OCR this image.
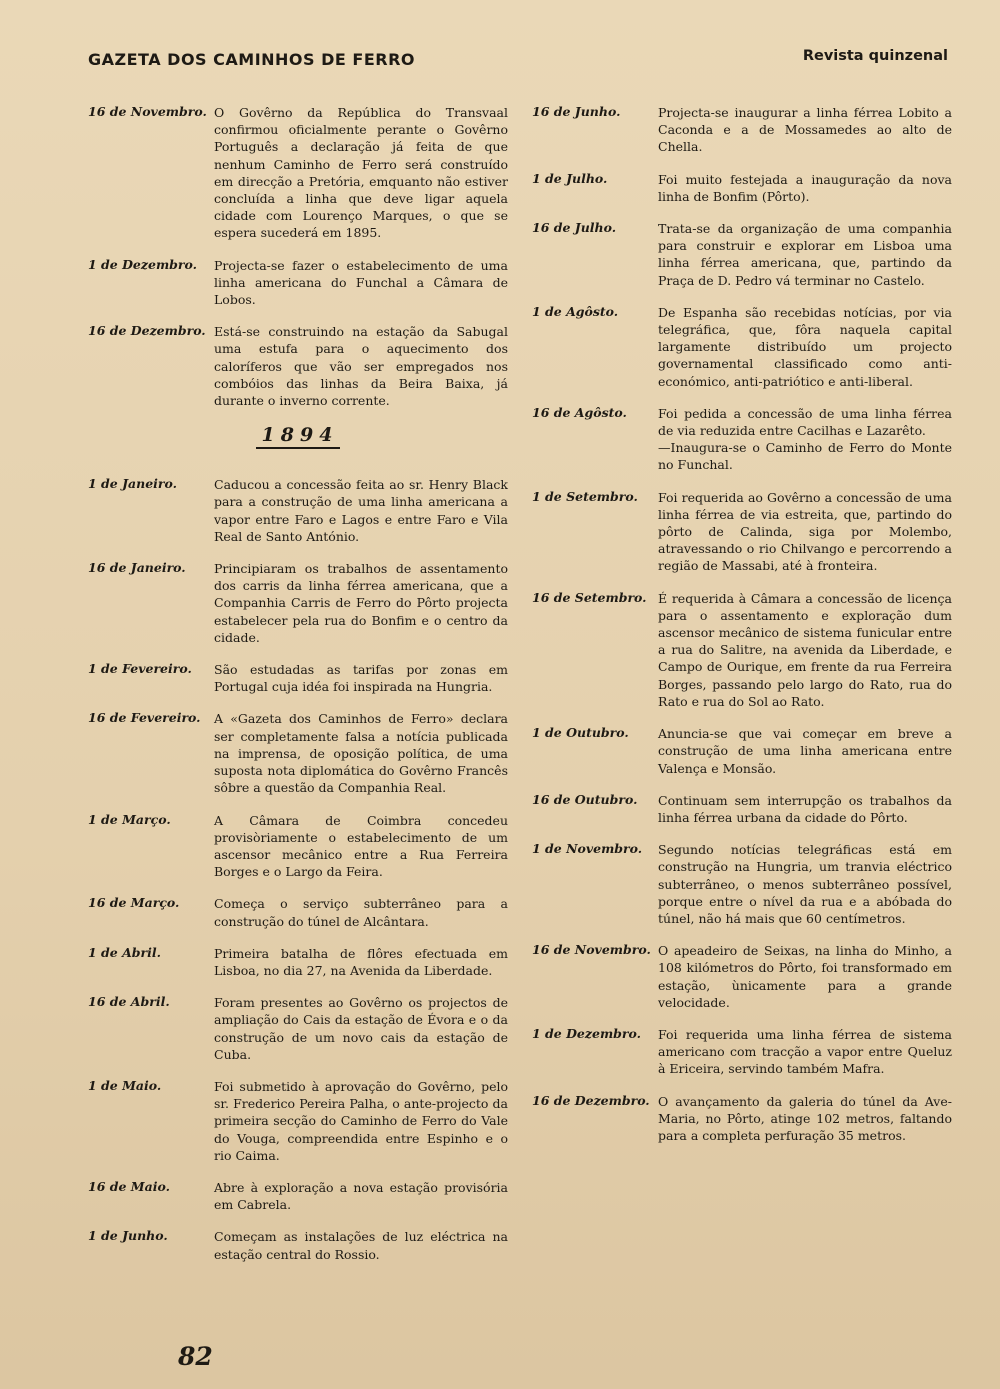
GAZETA DOS CAMINHOS DE FERRO	Revista quinzenal
16 de Novembro. O Govêrno da República do Transvaal confirmou oficialmente perante o Govêrno Português a declaração já feita de que nenhum Caminho de Ferro será construído em direcção a Pretória, emquanto não estiver concluída a linha que deve ligar aquela cidade com Lourenço Marques, o que se espera sucederá em 1895.

1 de Dezembro.	Projecta-se fazer o estabelecimento de uma linha americana do Funchal a Câmara de Lobos.

16 de Dezembro. Está-se construindo na estação da Sabugal uma estufa para o aquecimento dos caloríferos que vão ser empregados nos combóios das linhas da Beira Baixa, já durante o inverno corrente.

1894
1 de Janeiro.	Caducou a concessão feita ao sr. Henry Black para a construção de uma linha americana a vapor entre Faro e Lagos e entre Faro e Vila Real de Santo António.

16 de Janeiro.	Principiaram os trabalhos de assentamento dos carris da linha férrea americana, que a Companhia Carris de Ferro do Pôrto projecta estabelecer pela rua do Bonfim e o centro da cidade.

1 de Fevereiro.	São estudadas as tarifas por zonas em Portugal cuja idéa foi inspirada na Hungria.

16 de Fevereiro.	A «Gazeta dos Caminhos de Ferro» declara ser completamente falsa a notícia publicada na imprensa, de oposição política, de uma suposta nota diplomática do Govêrno Francês sôbre a questão da Companhia Real.

1 de Março.	A Câmara de Coimbra concedeu provisòriamente o estabelecimento de um ascensor mecânico entre a Rua Ferreira Borges e o Largo da Feira.

16 de Março.	Começa o serviço subterrâneo para a construção do túnel de Alcântara.

1 de Abril.	Primeira batalha de flôres efectuada em Lisboa, no dia 27, na Avenida da Liberdade.

16 de Abril.	Foram presentes ao Govêrno os projectos de ampliação do Cais da estação de Évora e o da construção de um novo cais da estação de Cuba.

1 de Maio.	Foi submetido à aprovação do Govêrno, pelo sr. Frederico Pereira Palha, o ante-projecto da primeira secção do Caminho de Ferro do Vale do Vouga, compreendida entre Espinho e o rio Caima.

16 de Maio.	Abre à exploração a nova estação provisória em Cabrela.

1 de Junho.	Começam as instalações de luz eléctrica na estação central do Rossio.

16 de Junho.	Projecta-se inaugurar a linha férrea Lobito a Caconda e a de Mossamedes ao alto de Chella.

1 de Julho.	Foi muito festejada a inauguração da nova linha de Bonfim (Pôrto).

16 de Julho.	Trata-se da organização de uma companhia para construir e explorar em Lisboa uma linha férrea americana, que, partindo da Praça de D. Pedro vá terminar no Castelo.

1 de Agôsto.	De Espanha são recebidas notícias, por via telegráfica, que, fôra naquela capital largamente distribuído um projecto governamental classificado como anti-económico, anti-patriótico e anti-liberal.

16 de Agôsto.	Foi pedida a concessão de uma linha férrea de via reduzida entre Cacilhas e Lazarêto.

—Inaugura-se o Caminho de Ferro do Monte no Funchal.

1 de Setembro.	Foi requerida ao Govêrno a concessão de uma linha férrea de via estreita, que, partindo do pôrto de Calinda, siga por Molembo, atravessando o rio Chilvango e percorrendo a região de Massabi, até à fronteira.

16 de Setembro. É requerida à Câmara a concessão de licença para o assentamento e exploração dum ascensor mecânico de sistema funicular entre a rua do Salitre, na avenida da Liberdade, e Campo de Ourique, em frente da rua Ferreira Borges, passando pelo largo do Rato, rua do Rato e rua do Sol ao Rato.

1 de Outubro.	Anuncia-se que vai começar em breve a construção de uma linha americana entre Valença e Monsão.

16 de Outubro.	Continuam sem interrupção os trabalhos da linha férrea urbana da cidade do Pôrto.

1 de Novembro.	Segundo notícias telegráficas está em construção na Hungria, um tranvia eléctrico subterrâneo, o menos subterrâneo possível, porque entre o nível da rua e a abóbada do túnel, não há mais que 60 centímetros.

16 de Novembro. O apeadeiro de Seixas, na linha do Minho, a 108 kilómetros do Pôrto, foi transformado em estação, ùnicamente para a grande velocidade.

1 de Dezembro.	Foi requerida uma linha férrea de sistema americano com tracção a vapor entre Queluz à Ericeira, servindo também Mafra.

16 de Dezembro. O avançamento da galeria do túnel da Ave-Maria, no Pôrto, atinge 102 metros, faltando para a completa perfuração 35 metros.

82
